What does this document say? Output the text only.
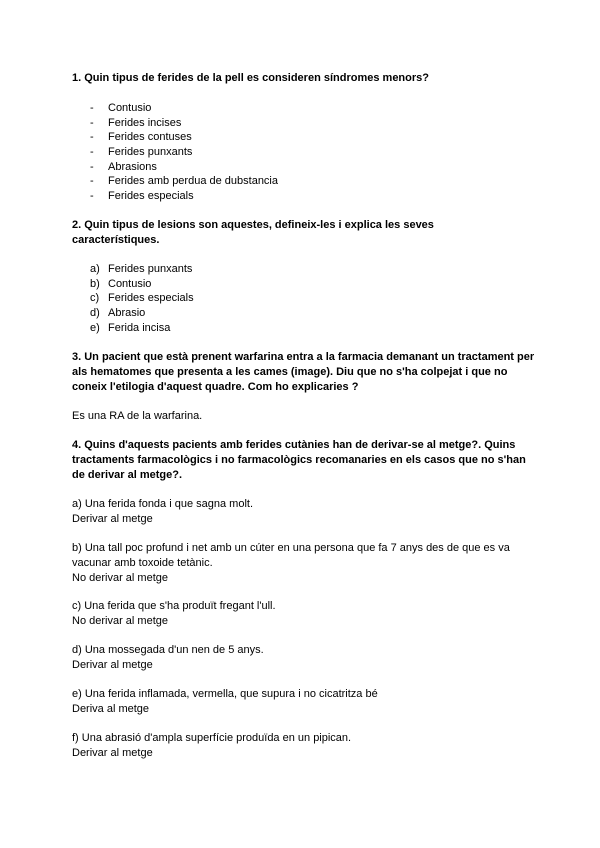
1. Quin tipus de ferides de la pell es consideren síndromes menors?
- Contusio
- Ferides incises
- Ferides contuses
- Ferides punxants
- Abrasions
- Ferides amb perdua de dubstancia
- Ferides especials
2. Quin tipus de lesions son aquestes, defineix-les i explica les seves característiques.
a) Ferides punxants
b) Contusio
c) Ferides especials
d) Abrasio
e) Ferida incisa
3. Un pacient que està prenent warfarina entra a la farmacia demanant un tractament per als hematomes que presenta a les cames (image). Diu que no s'ha colpejat i que no coneix l'etilogia d'aquest quadre. Com ho explicaries ?
Es una RA de la warfarina.
4. Quins d'aquests pacients amb ferides cutànies han de derivar-se al metge?. Quins tractaments farmacològics i no farmacològics recomanaries en els casos que no s'han de derivar al metge?.
a) Una ferida fonda i que sagna molt.
Derivar al metge
b) Una tall poc profund i net amb un cúter en una persona que fa 7 anys des de que es va vacunar amb toxoide tetànic.
No derivar al metge
c) Una ferida que s'ha produït fregant l'ull.
No derivar al metge
d) Una mossegada d'un nen de 5 anys.
Derivar al metge
e) Una ferida inflamada, vermella, que supura i no cicatritza bé
Deriva al metge
f) Una abrasió d'ampla superfície produïda en un pipican.
Derivar al metge
